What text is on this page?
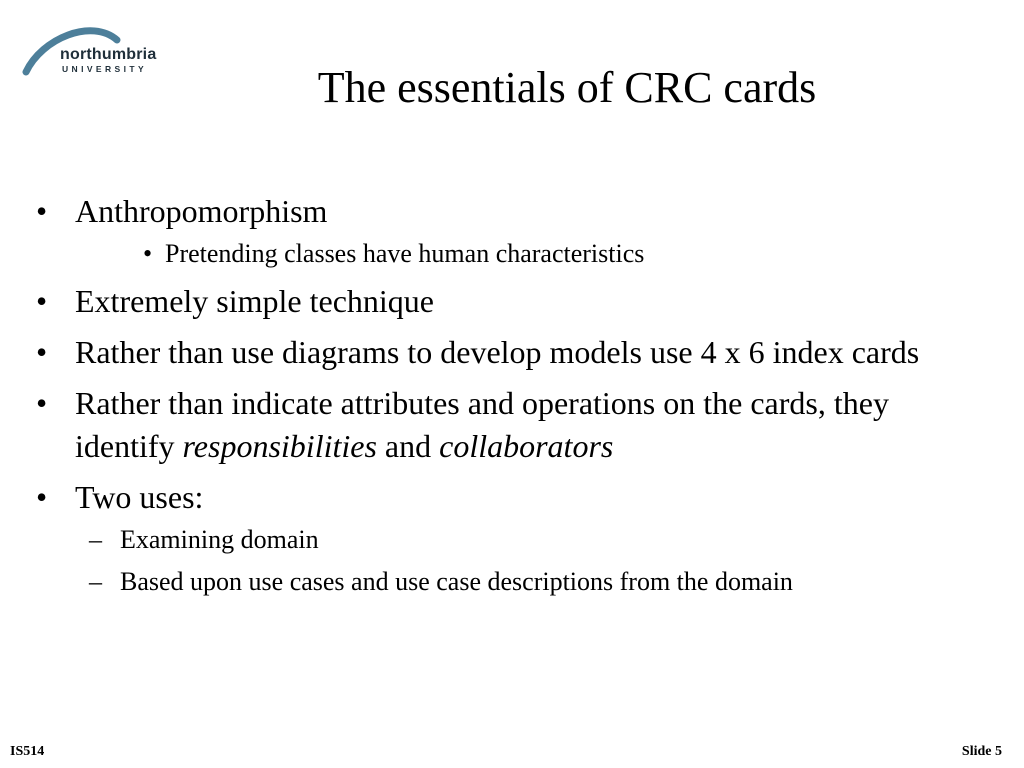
northumbria
UNIVERSITY	The essentials of CRC cards
• Anthropomorphism
• Pretending classes have human characteristics
• Extremely simple technique
• Rather than use diagrams to develop models use 4 x 6 index cards
• Rather than indicate attributes and operations on the cards, they identify responsibilities and collaborators
• Two uses:
– Examining domain
– Based upon use cases and use case descriptions from the domain
IS514	Slide 5
